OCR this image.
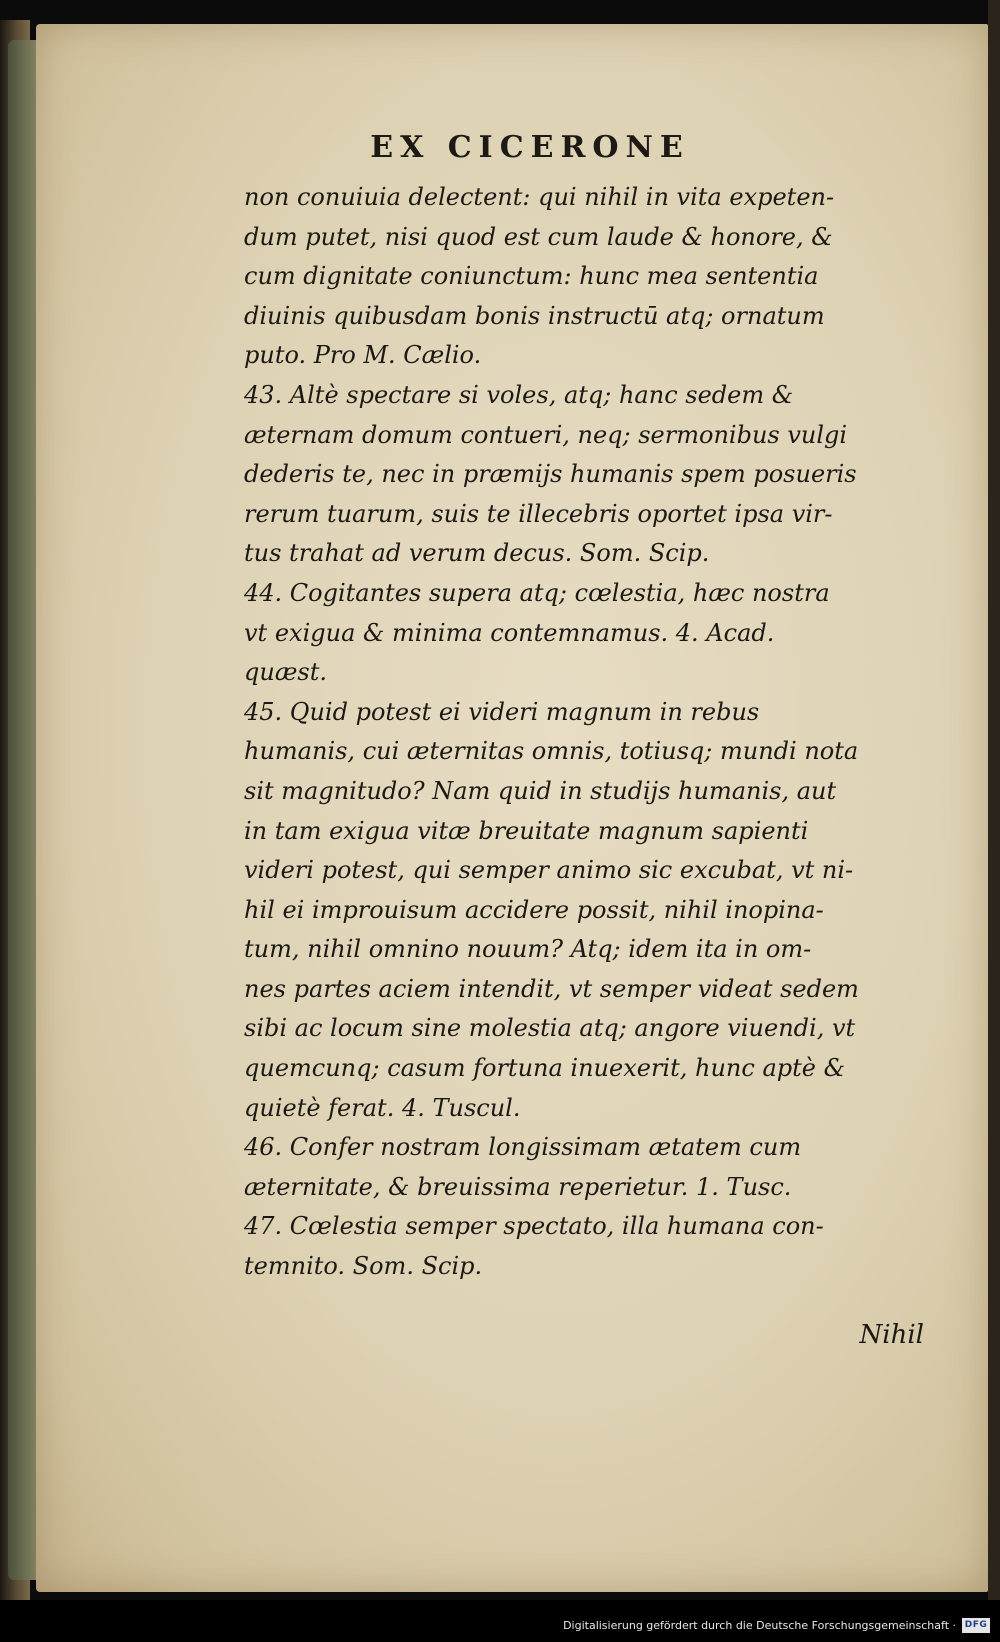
EX CICERONE
non conuiuia delectent: qui nihil in vita expeten-
dum putet, nisi quod est cum laude & honore, &
cum dignitate coniunctum: hunc mea sententia
diuinis quibusdam bonis instructū atq; ornatum
puto. Pro M. Cælio.
43. Altè spectare si voles, atq; hanc sedem &
æternam domum contueri, neq; sermonibus vulgi
dederis te, nec in præmijs humanis spem posueris
rerum tuarum, suis te illecebris oportet ipsa vir-
tus trahat ad verum decus. Som. Scip.
44. Cogitantes supera atq; cœlestia, hæc nostra
vt exigua & minima contemnamus. 4. Acad.
quæst.
45. Quid potest ei videri magnum in rebus
humanis, cui æternitas omnis, totiusq; mundi nota
sit magnitudo? Nam quid in studijs humanis, aut
in tam exigua vitæ breuitate magnum sapienti
videri potest, qui semper animo sic excubat, vt ni-
hil ei improuisum accidere possit, nihil inopina-
tum, nihil omnino nouum? Atq; idem ita in om-
nes partes aciem intendit, vt semper videat sedem
sibi ac locum sine molestia atq; angore viuendi, vt
quemcunq; casum fortuna inuexerit, hunc aptè &
quietè ferat. 4. Tuscul.
46. Confer nostram longissimam ætatem cum
æternitate, & breuissima reperietur. 1. Tusc.
47. Cœlestia semper spectato, illa humana con-
temnito. Som. Scip.
Nihil
Digitalisierung gefördert durch die Deutsche Forschungsgemeinschaft · DFG
